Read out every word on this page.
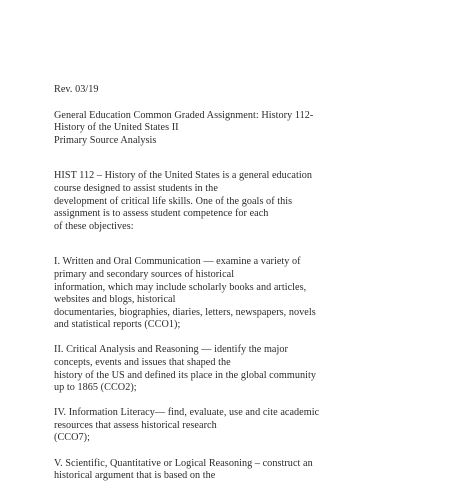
Rev. 03/19

General Education Common Graded Assignment: History 112-
History of the United States II
Primary Source Analysis

HIST 112 – History of the United States is a general education
course designed to assist students in the
development of critical life skills. One of the goals of this
assignment is to assess student competence for each
of these objectives:

I. Written and Oral Communication — examine a variety of
primary and secondary sources of historical
information, which may include scholarly books and articles,
websites and blogs, historical
documentaries, biographies, diaries, letters, newspapers, novels
and statistical reports (CCO1);

II. Critical Analysis and Reasoning — identify the major
concepts, events and issues that shaped the
history of the US and defined its place in the global community
up to 1865 (CCO2);

IV. Information Literacy— find, evaluate, use and cite academic
resources that assess historical research
(CCO7);

V. Scientific, Quantitative or Logical Reasoning – construct an
historical argument that is based on the
